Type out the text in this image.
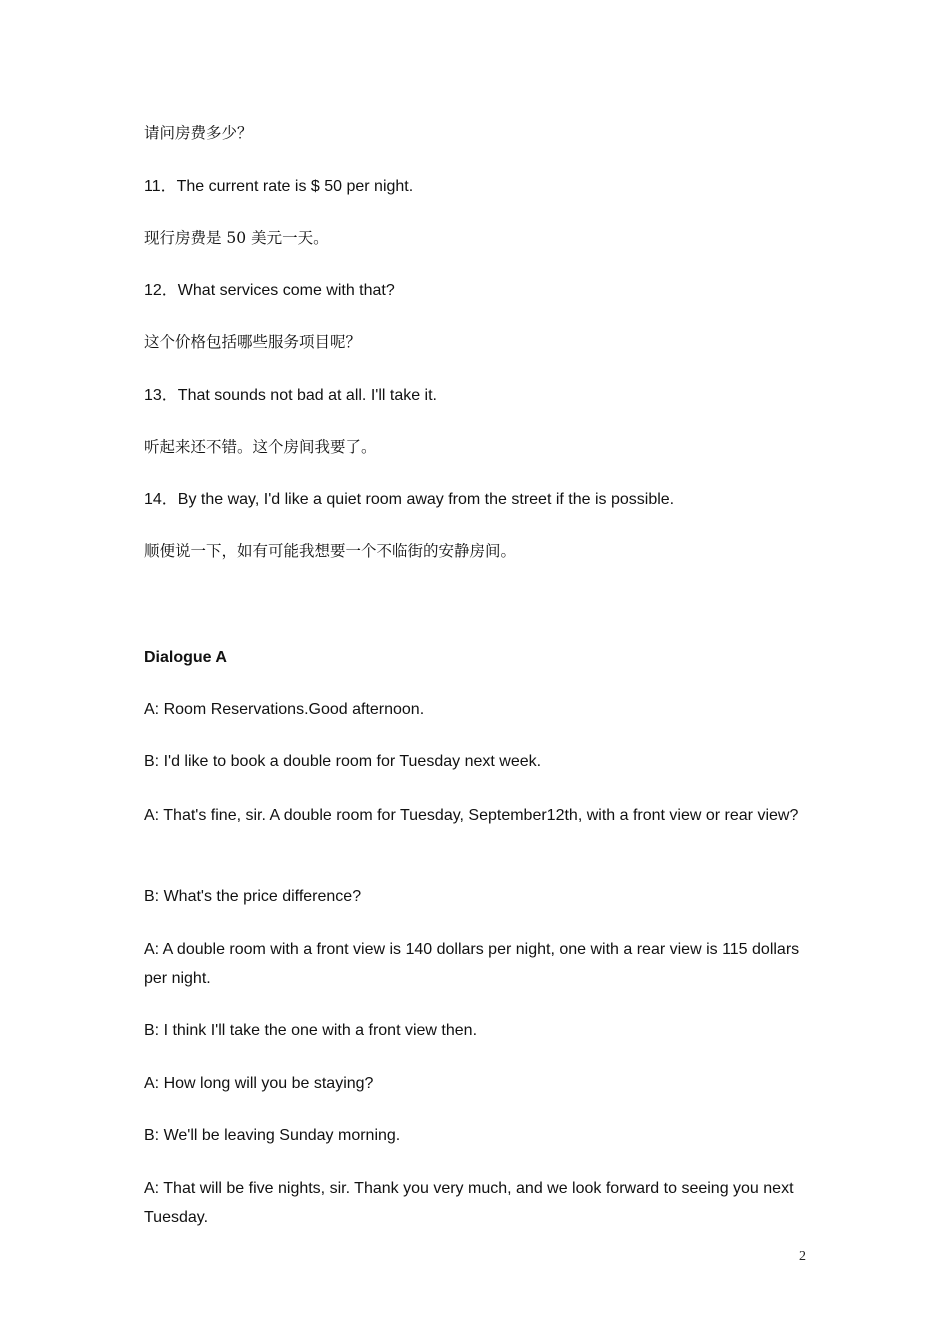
请问房费多少？

11．The current rate is $ 50 per night.

现行房费是 50 美元一天。

12．What services come with that?

这个价格包括哪些服务项目呢？

13．That sounds not bad at all. I'll take it.

听起来还不错。这个房间我要了。

14．By the way, I'd like a quiet room away from the street if the is possible.

顺便说一下，如有可能我想要一个不临街的安静房间。

Dialogue A

A: Room Reservations.Good afternoon.

B: I'd like to book a double room for Tuesday next week.

A: That's fine, sir. A double room for Tuesday, September12th, with a front view or rear view?

B: What's the price difference?

A: A double room with a front view is 140 dollars per night, one with a rear view is 115 dollars per night.

B: I think I'll take the one with a front view then.

A: How long will you be staying?

B: We'll be leaving Sunday morning.

A: That will be five nights, sir. Thank you very much, and we look forward to seeing you next Tuesday.

2
